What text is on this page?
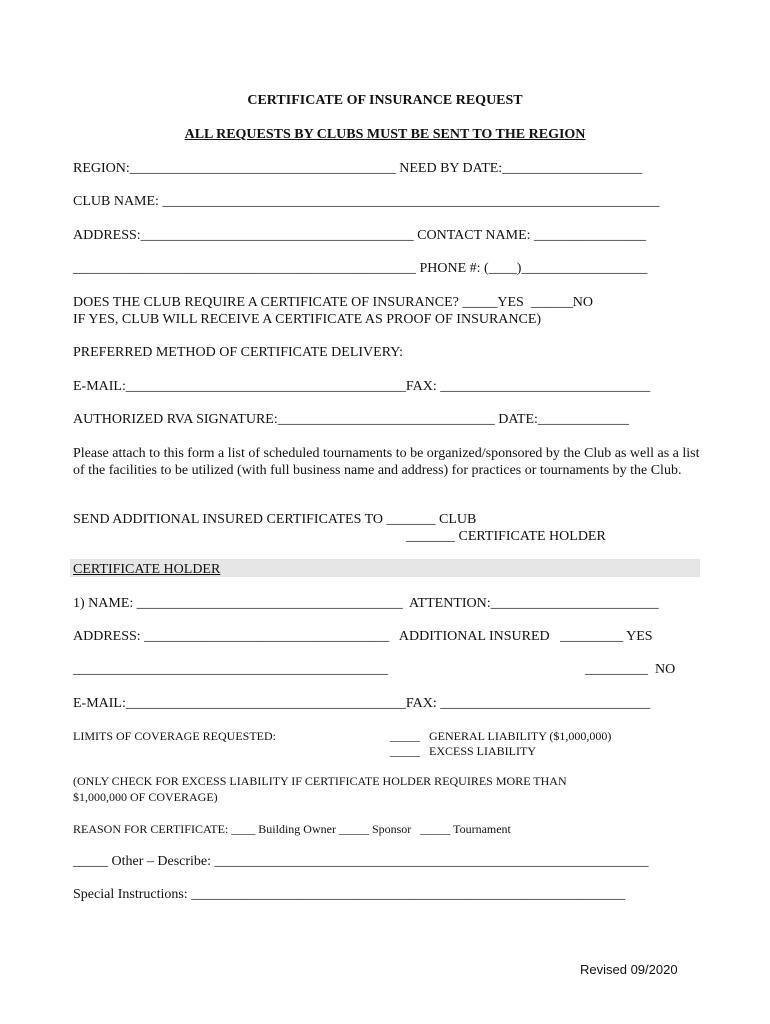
CERTIFICATE OF INSURANCE REQUEST
ALL REQUESTS BY CLUBS MUST BE SENT TO THE REGION
REGION:______________________________________ NEED BY DATE:____________________
CLUB NAME: _______________________________________________________________________
ADDRESS:_______________________________________ CONTACT NAME: ________________
_________________________________________________ PHONE #: (____)__________________
DOES THE CLUB REQUIRE A CERTIFICATE OF INSURANCE? _____YES  ______NO
IF YES, CLUB WILL RECEIVE A CERTIFICATE AS PROOF OF INSURANCE)
PREFERRED METHOD OF CERTIFICATE DELIVERY:
E-MAIL:________________________________________FAX: ______________________________
AUTHORIZED RVA SIGNATURE:_______________________________ DATE:_____________
Please attach to this form a list of scheduled tournaments to be organized/sponsored by the Club as well as a list of the facilities to be utilized (with full business name and address) for practices or tournaments by the Club.
SEND ADDITIONAL INSURED CERTIFICATES TO _______ CLUB
_______ CERTIFICATE HOLDER
CERTIFICATE HOLDER
1) NAME: ______________________________________  ATTENTION:________________________
ADDRESS: ___________________________________   ADDITIONAL INSURED   _________ YES
_____________________________________________	_________  NO
E-MAIL:________________________________________FAX: ______________________________
LIMITS OF COVERAGE REQUESTED:	_____   GENERAL LIABILITY ($1,000,000)
_____   EXCESS LIABILITY
(ONLY CHECK FOR EXCESS LIABILITY IF CERTIFICATE HOLDER REQUIRES MORE THAN
$1,000,000 OF COVERAGE)
REASON FOR CERTIFICATE: ____ Building Owner _____ Sponsor   _____ Tournament
_____ Other – Describe: ______________________________________________________________
Special Instructions: ______________________________________________________________
Revised 09/2020
